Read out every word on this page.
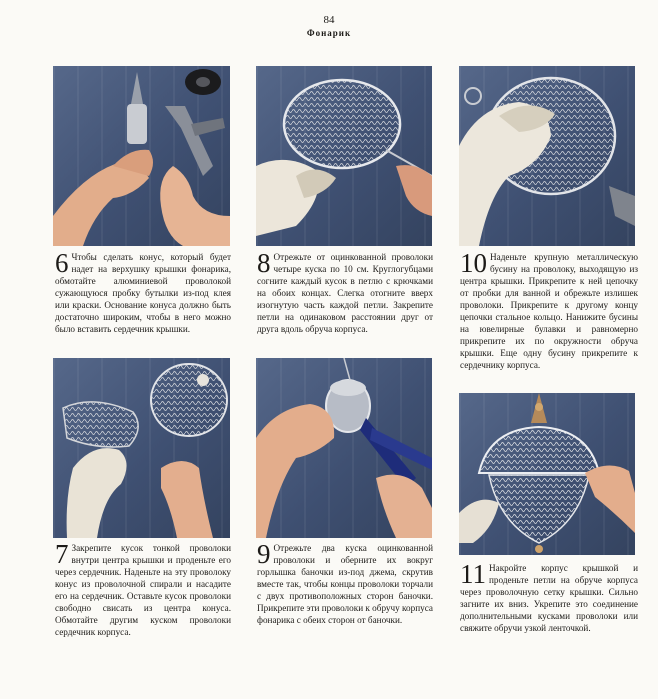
84
Фонарик
6 Чтобы сделать конус, который будет надет на верхушку крышки фонарика, обмотайте алюминиевой проволокой сужающуюся пробку бутылки из-под клея или краски. Основание конуса должно быть достаточно широким, чтобы в него можно было вставить сердечник крышки.
8 Отрежьте от оцинкованной проволоки четыре куска по 10 см. Круглогубцами согните каждый кусок в петлю с крючками на обоих концах. Слегка отогните вверх изогнутую часть каждой петли. Закрепите петли на одинаковом расстоянии друг от друга вдоль обруча корпуса.
10 Наденьте крупную металлическую бусину на проволоку, выходящую из центра крышки. Прикрепите к ней цепочку от пробки для ванной и обрежьте излишек проволоки. Прикрепите к другому концу цепочки стальное кольцо. Нанижите бусины на ювелирные булавки и равномерно прикрепите их по окружности обруча крышки. Еще одну бусину прикрепите к сердечнику корпуса.
7 Закрепите кусок тонкой проволоки внутри центра крышки и проденьте его через сердечник. Наденьте на эту проволоку конус из проволочной спирали и насадите его на сердечник. Оставьте кусок проволоки свободно свисать из центра конуса. Обмотайте другим куском проволоки сердечник корпуса.
9 Отрежьте два куска оцинкованной проволоки и оберните их вокруг горлышка баночки из-под джема, скрутив вместе так, чтобы концы проволоки торчали с двух противоположных сторон баночки. Прикрепите эти проволоки к обручу корпуса фонарика с обеих сторон от баночки.
11 Накройте корпус крышкой и проденьте петли на обруче корпуса через проволочную сетку крышки. Сильно загните их вниз. Укрепите это соединение дополнительными кусками проволоки или свяжите обручи узкой ленточкой.
